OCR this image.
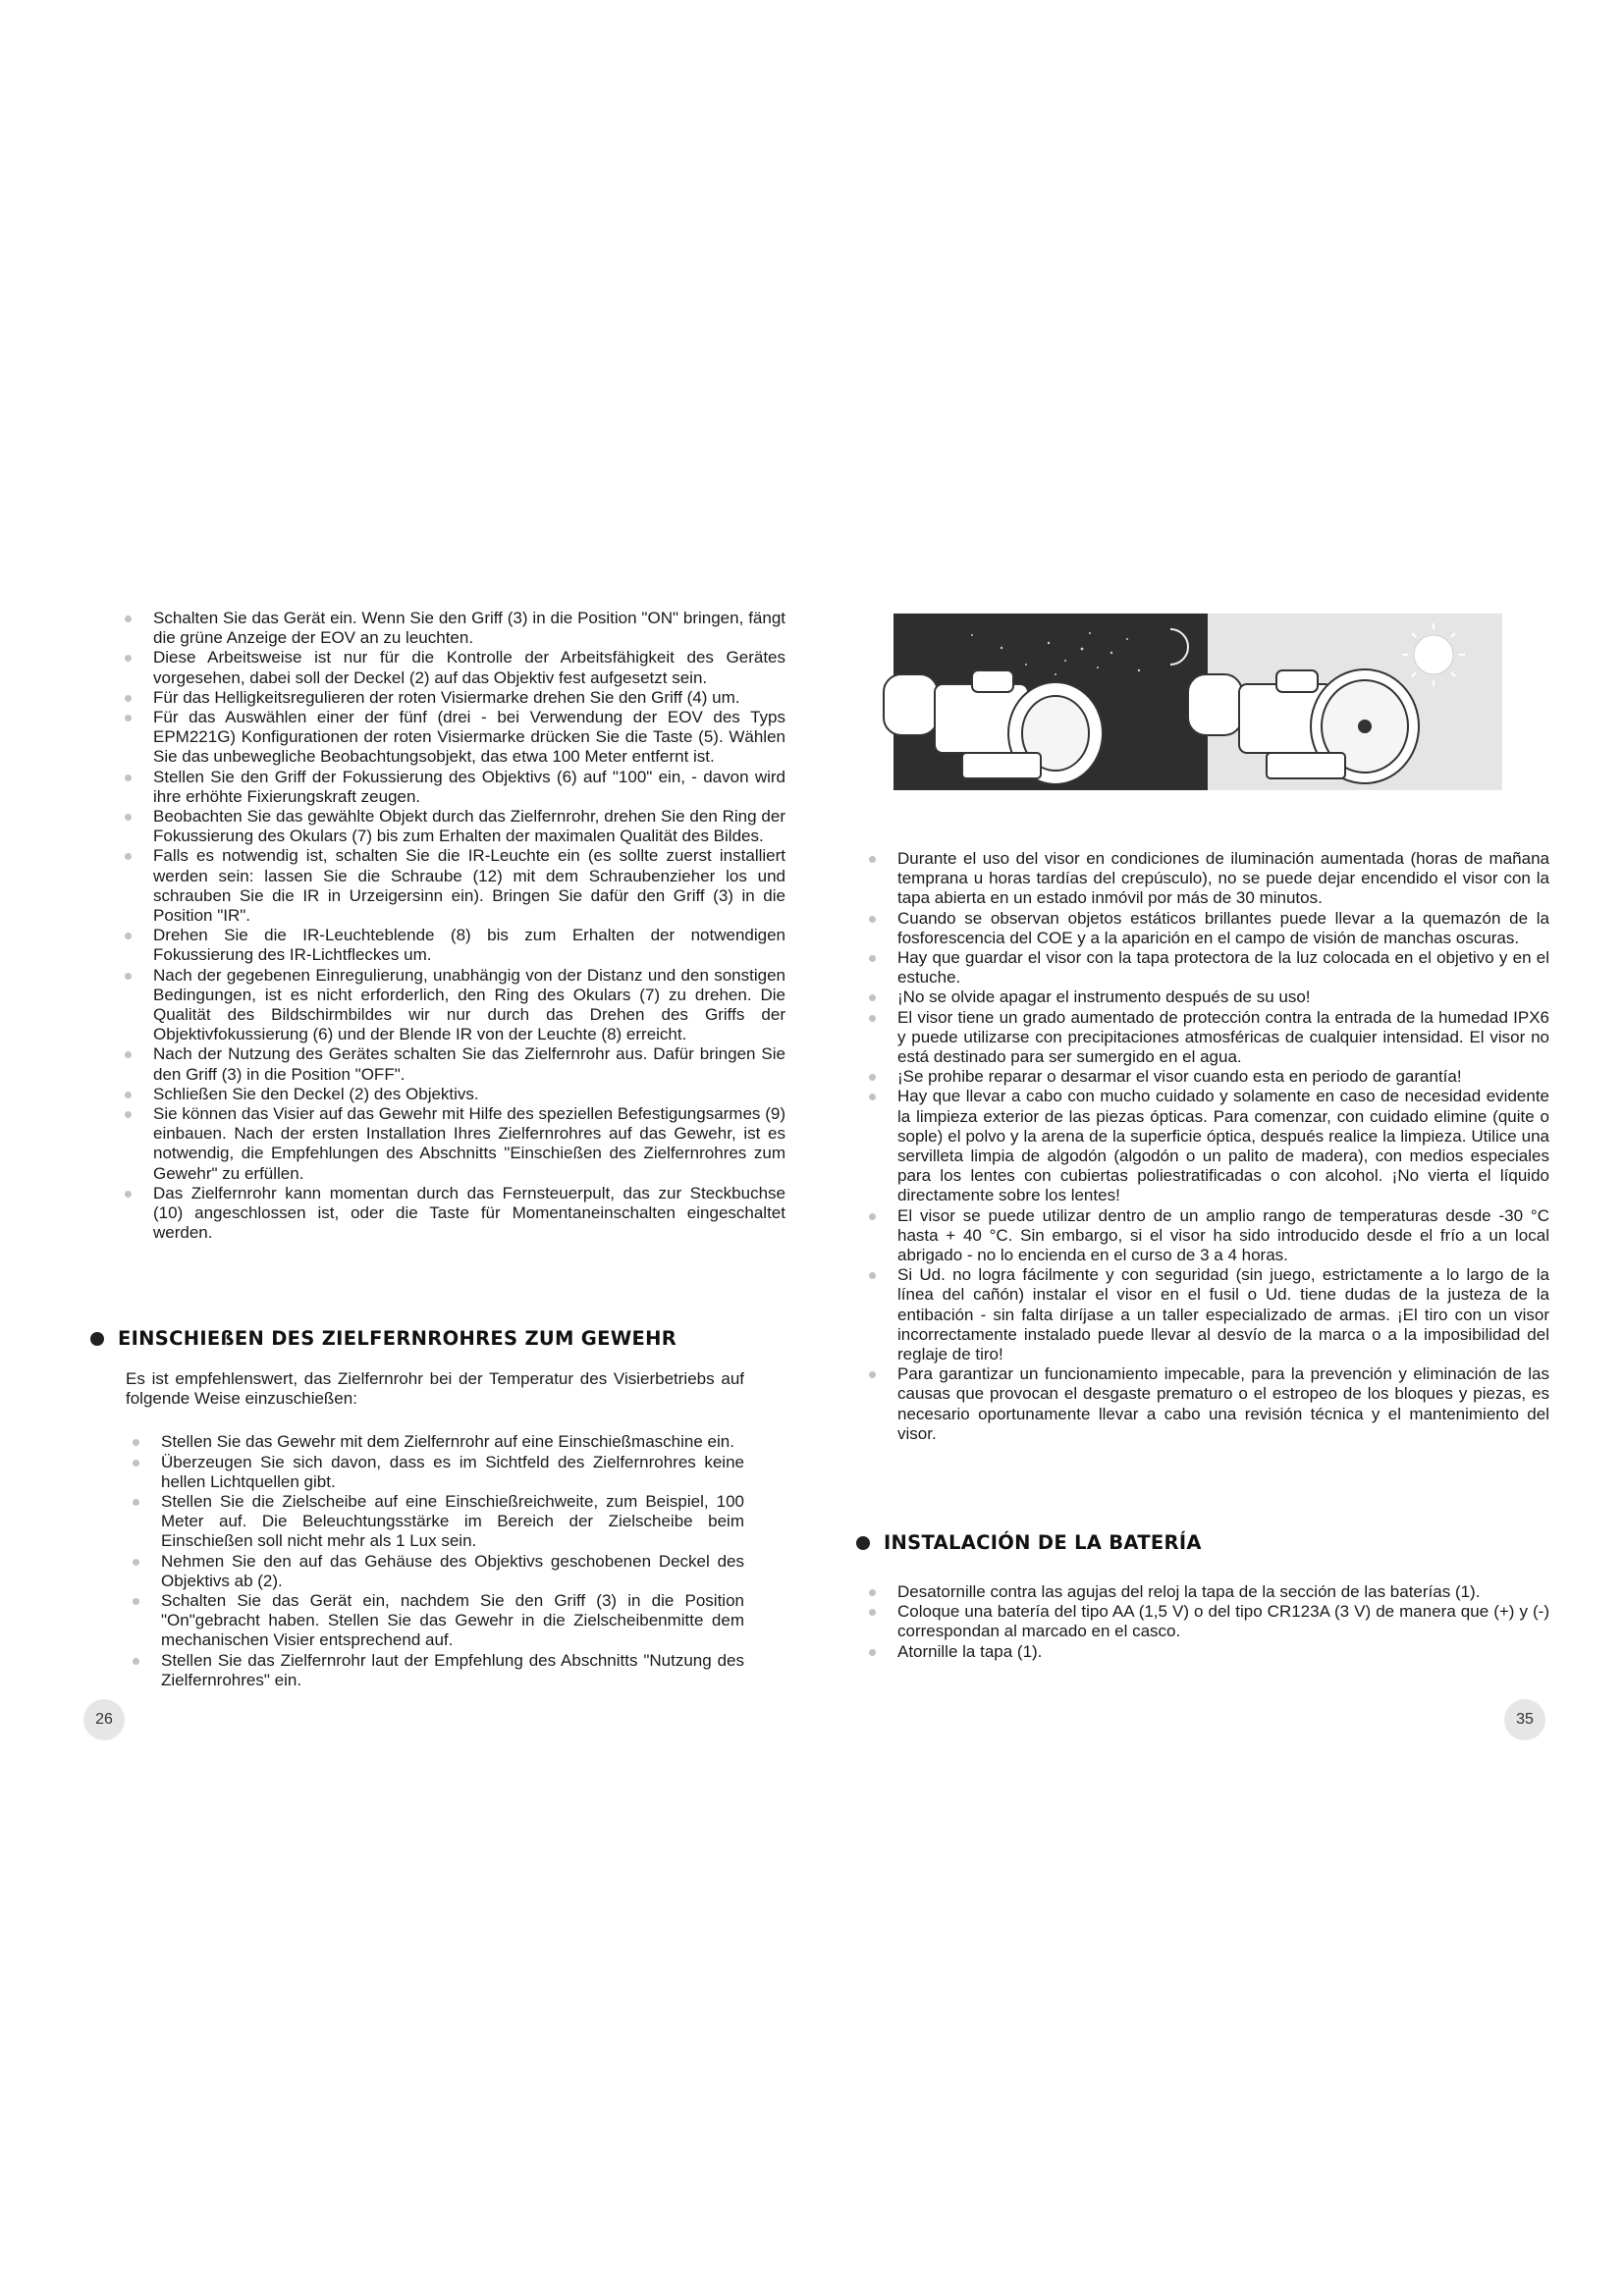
Schalten Sie das Gerät ein. Wenn Sie den Griff (3) in die Position "ON" bringen, fängt die grüne Anzeige der EOV an zu leuchten.
Diese Arbeitsweise ist nur für die Kontrolle der Arbeitsfähigkeit des Gerätes vorgesehen, dabei soll der Deckel (2) auf das Objektiv fest aufgesetzt sein.
Für das Helligkeitsregulieren der roten Visiermarke drehen Sie den Griff (4) um.
Für das Auswählen einer der fünf (drei - bei Verwendung der EOV des Typs EPM221G) Konfigurationen der roten Visiermarke drücken Sie die Taste (5). Wählen Sie das unbewegliche Beobachtungsobjekt, das etwa 100 Meter entfernt ist.
Stellen Sie den Griff der Fokussierung des Objektivs (6) auf "100" ein, - davon wird ihre erhöhte Fixierungskraft zeugen.
Beobachten Sie das gewählte Objekt durch das Zielfernrohr, drehen Sie den Ring der Fokussierung des Okulars (7) bis zum Erhalten der maximalen Qualität des Bildes.
Falls es notwendig ist, schalten Sie die IR-Leuchte ein (es sollte zuerst installiert werden sein: lassen Sie die Schraube (12) mit dem Schraubenzieher los und schrauben Sie die IR in Urzeigersinn ein). Bringen Sie dafür den Griff (3) in die Position "IR".
Drehen Sie die IR-Leuchteblende (8) bis zum Erhalten der notwendigen Fokussierung des IR-Lichtfleckes um.
Nach der gegebenen Einregulierung, unabhängig von der Distanz und den sonstigen Bedingungen, ist es nicht erforderlich, den Ring des Okulars (7) zu drehen. Die Qualität des Bildschirmbildes wir nur durch das Drehen des Griffs der Objektivfokussierung (6) und der Blende IR von der Leuchte (8) erreicht.
Nach der Nutzung des Gerätes schalten Sie das Zielfernrohr aus. Dafür bringen Sie den Griff (3) in die Position "OFF".
Schließen Sie den Deckel (2) des Objektivs.
Sie können das Visier auf das Gewehr mit Hilfe des speziellen Befestigungsarmes (9) einbauen. Nach der ersten Installation Ihres Zielfernrohres auf das Gewehr, ist es notwendig, die Empfehlungen des Abschnitts "Einschießen des Zielfernrohres zum Gewehr" zu erfüllen.
Das Zielfernrohr kann momentan durch das Fernsteuerpult, das zur Steckbuchse (10) angeschlossen ist, oder die Taste für Momentaneinschalten eingeschaltet werden.
EINSCHIEßEN DES ZIELFERNROHRES ZUM GEWEHR
Es ist empfehlenswert, das Zielfernrohr bei der Temperatur des Visierbetriebs auf folgende Weise einzuschießen:
Stellen Sie das Gewehr mit dem Zielfernrohr auf eine Einschießmaschine ein.
Überzeugen Sie sich davon, dass es im Sichtfeld des Zielfernrohres keine hellen Lichtquellen gibt.
Stellen Sie die Zielscheibe auf eine Einschießreichweite, zum Beispiel, 100 Meter auf. Die Beleuchtungsstärke im Bereich der Zielscheibe beim Einschießen soll nicht mehr als 1 Lux sein.
Nehmen Sie den auf das Gehäuse des Objektivs geschobenen Deckel des Objektivs ab (2).
Schalten Sie das Gerät ein, nachdem Sie den Griff (3) in die Position "On"gebracht haben. Stellen Sie das Gewehr in die Zielscheibenmitte dem mechanischen Visier entsprechend auf.
Stellen Sie das Zielfernrohr laut der Empfehlung des Abschnitts "Nutzung des Zielfernrohres" ein.
26
Durante el uso del visor en condiciones de iluminación aumentada (horas de mañana temprana u horas tardías del crepúsculo), no se puede dejar encendido el visor con la tapa abierta en un estado inmóvil por más de 30 minutos.
Cuando se observan objetos estáticos brillantes puede llevar a la quemazón de la fosforescencia del COE y a la aparición en el campo de visión de manchas oscuras.
Hay que guardar el visor con la tapa protectora de la luz colocada en el objetivo y en el estuche.
¡No se olvide apagar el instrumento después de su uso!
El visor tiene un grado aumentado de protección contra la entrada de la humedad IPX6 y puede utilizarse con precipitaciones atmosféricas de cualquier intensidad. El visor no está destinado para ser sumergido en el agua.
¡Se prohibe reparar o desarmar el visor cuando esta en periodo de garantía!
Hay que llevar a cabo con mucho cuidado y solamente en caso de necesidad evidente la limpieza exterior de las piezas ópticas. Para comenzar, con cuidado elimine (quite o sople) el polvo y la arena de la superficie óptica, después realice la limpieza. Utilice una servilleta limpia de algodón (algodón o un palito de madera), con medios especiales para los lentes con cubiertas poliestratificadas o con alcohol. ¡No vierta el líquido directamente sobre los lentes!
El visor se puede utilizar dentro de un amplio rango de temperaturas desde -30 °C hasta + 40 °C. Sin embargo, si el visor ha sido introducido desde el frío a un local abrigado - no lo encienda en el curso de 3 a 4 horas.
Si Ud. no logra fácilmente y con seguridad (sin juego, estrictamente a lo largo de la línea del cañón) instalar el visor en el fusil o Ud. tiene dudas de la justeza de la entibación - sin falta diríjase a un taller especializado de armas. ¡El tiro con un visor incorrectamente instalado puede llevar al desvío de la marca o a la imposibilidad del reglaje de tiro!
Para garantizar un funcionamiento impecable, para la prevención y eliminación de las causas que provocan el desgaste prematuro o el estropeo de los bloques y piezas, es necesario oportunamente llevar a cabo una revisión técnica y el mantenimiento del visor.
INSTALACIÓN DE LA BATERÍA
Desatornille contra las agujas del reloj la tapa de la sección de las baterías (1).
Coloque una batería del tipo AA (1,5 V) o del tipo CR123A (3 V) de manera que (+) y (-) correspondan al marcado en el casco.
Atornille la tapa (1).
35
